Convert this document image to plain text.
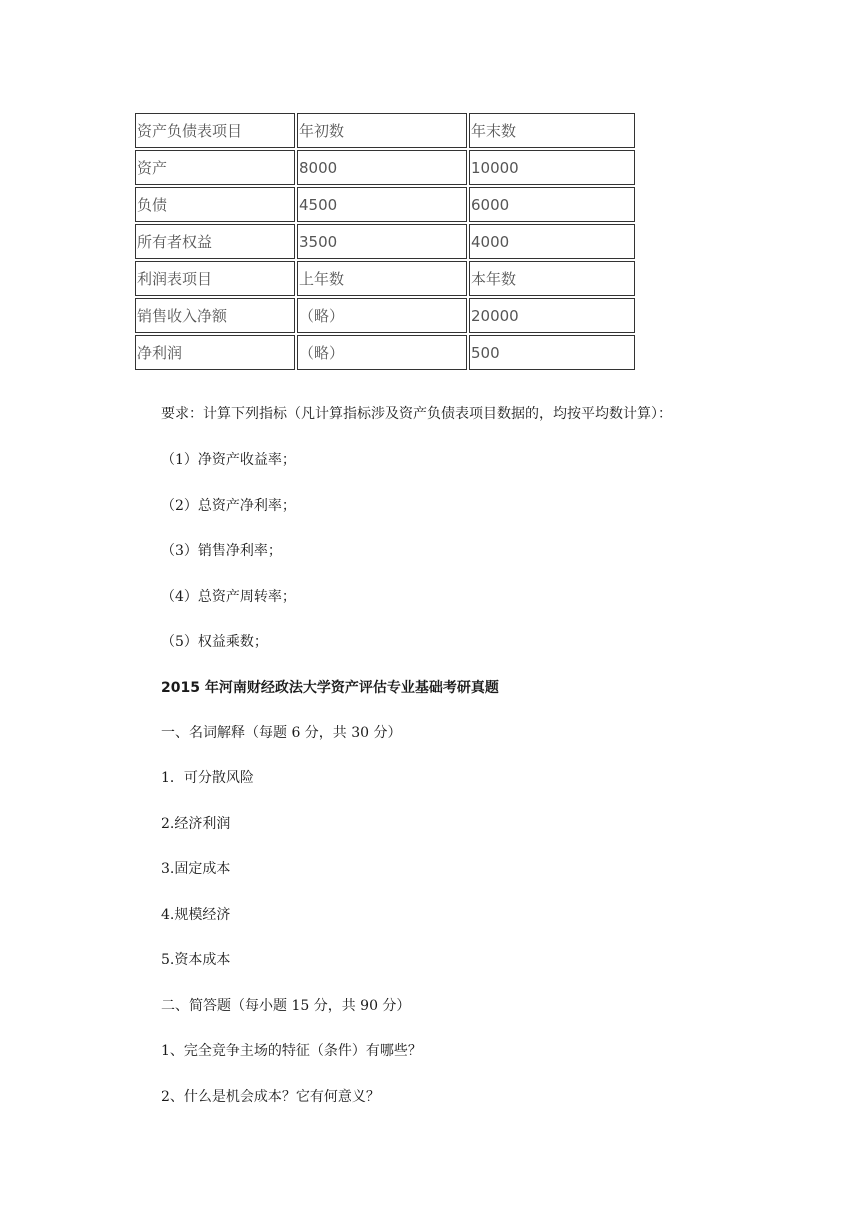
资产负债表项目	年初数	年末数
资产	8000	10000
负债	4500	6000
所有者权益	3500	4000
利润表项目	上年数	本年数
销售收入净额	（略）	20000
净利润	（略）	500
要求：计算下列指标（凡计算指标涉及资产负债表项目数据的，均按平均数计算）：
（1）净资产收益率；
（2）总资产净利率；
（3）销售净利率；
（4）总资产周转率；
（5）权益乘数；
2015 年河南财经政法大学资产评估专业基础考研真题
一、名词解释（每题 6 分，共 30 分）
1．可分散风险
2.经济利润
3.固定成本
4.规模经济
5.资本成本
二、简答题（每小题 15 分，共 90 分）
1、完全竞争主场的特征（条件）有哪些？
2、什么是机会成本？它有何意义？
